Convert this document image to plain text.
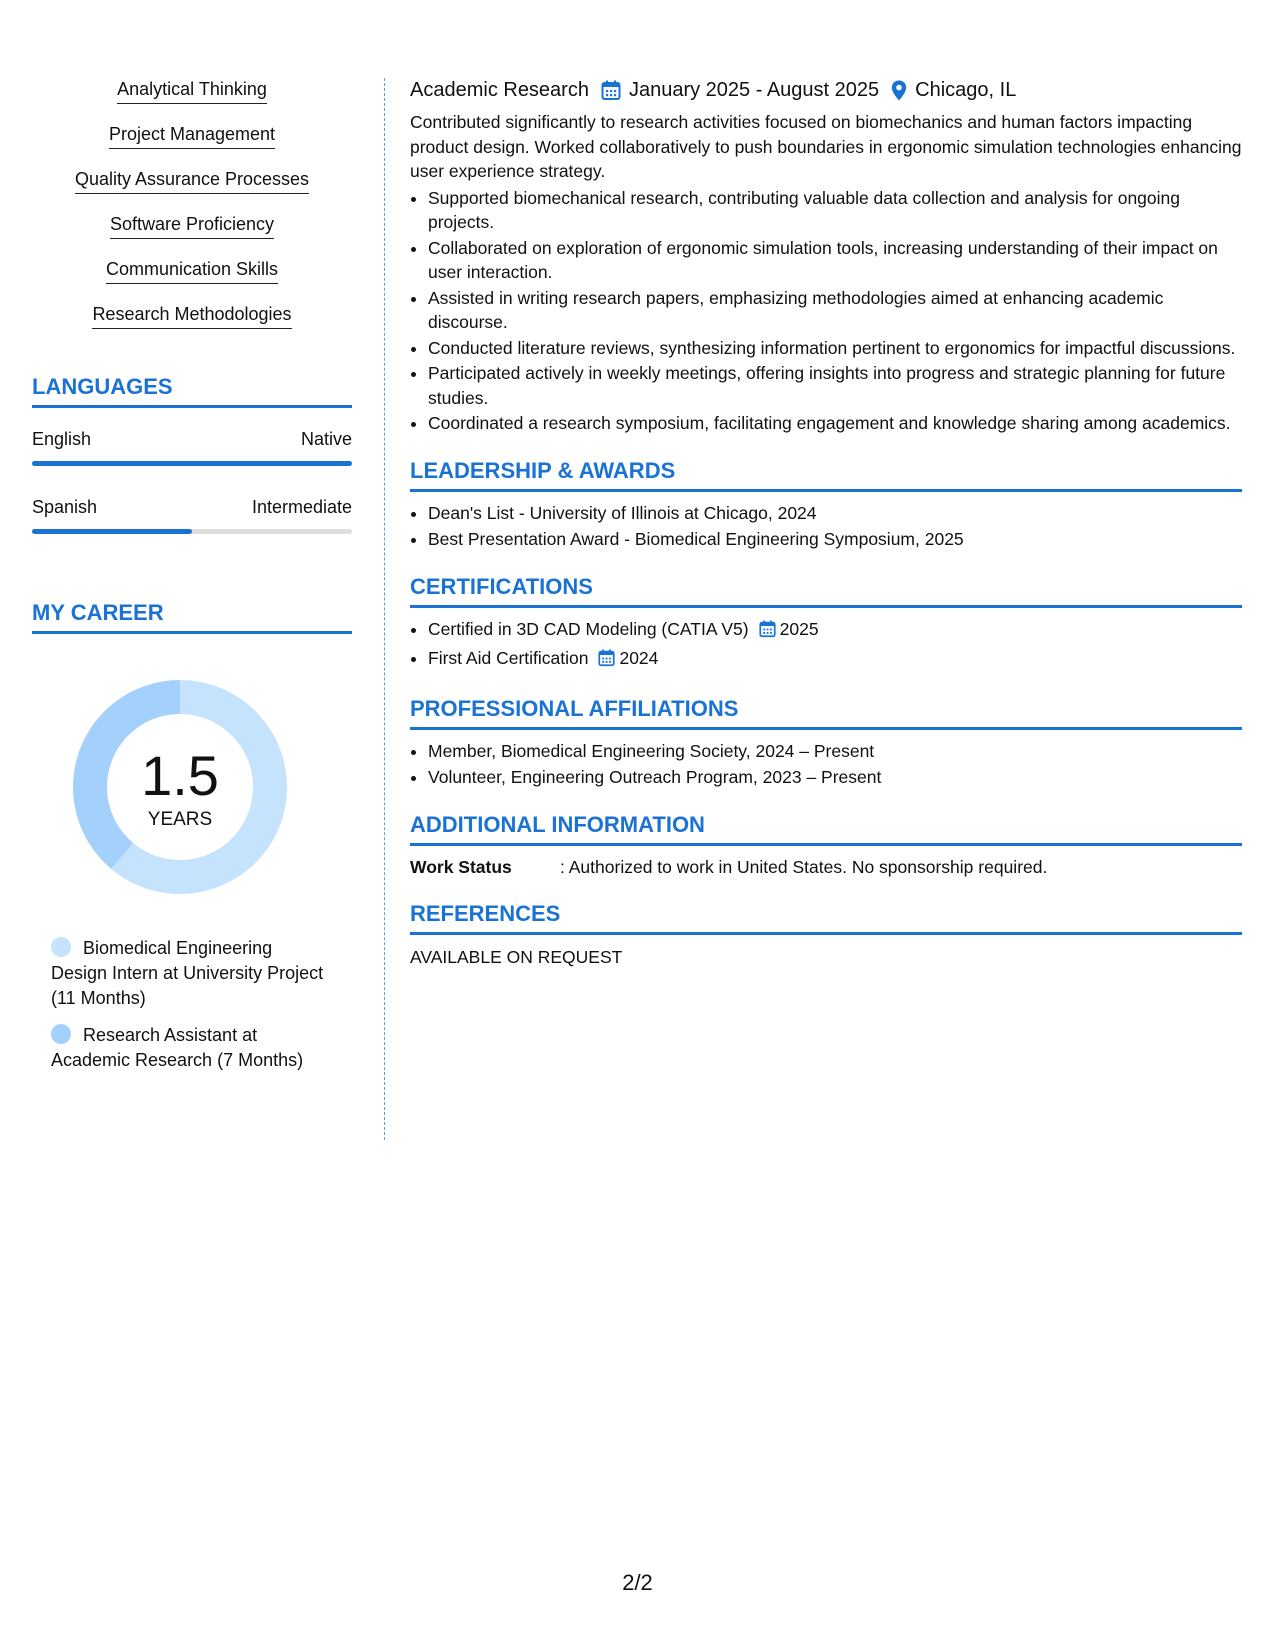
Analytical Thinking
Project Management
Quality Assurance Processes
Software Proficiency
Communication Skills
Research Methodologies
LANGUAGES
English	Native
Spanish	Intermediate
MY CAREER
1.5
YEARS
Biomedical Engineering Design Intern at University Project (11 Months)
Research Assistant at Academic Research (7 Months)
Academic Research January 2025 - August 2025 Chicago, IL

Contributed significantly to research activities focused on biomechanics and human factors impacting product design. Worked collaboratively to push boundaries in ergonomic simulation technologies enhancing user experience strategy.

• Supported biomechanical research, contributing valuable data collection and analysis for ongoing projects.
• Collaborated on exploration of ergonomic simulation tools, increasing understanding of their impact on user interaction.
• Assisted in writing research papers, emphasizing methodologies aimed at enhancing academic discourse.
• Conducted literature reviews, synthesizing information pertinent to ergonomics for impactful discussions.
• Participated actively in weekly meetings, offering insights into progress and strategic planning for future studies.
• Coordinated a research symposium, facilitating engagement and knowledge sharing among academics.
LEADERSHIP & AWARDS
• Dean's List - University of Illinois at Chicago, 2024
• Best Presentation Award - Biomedical Engineering Symposium, 2025
CERTIFICATIONS
• Certified in 3D CAD Modeling (CATIA V5) 2025
• First Aid Certification 2024
PROFESSIONAL AFFILIATIONS
• Member, Biomedical Engineering Society, 2024 – Present
• Volunteer, Engineering Outreach Program, 2023 – Present
ADDITIONAL INFORMATION
Work Status	: Authorized to work in United States. No sponsorship required.
REFERENCES
AVAILABLE ON REQUEST
2/2
